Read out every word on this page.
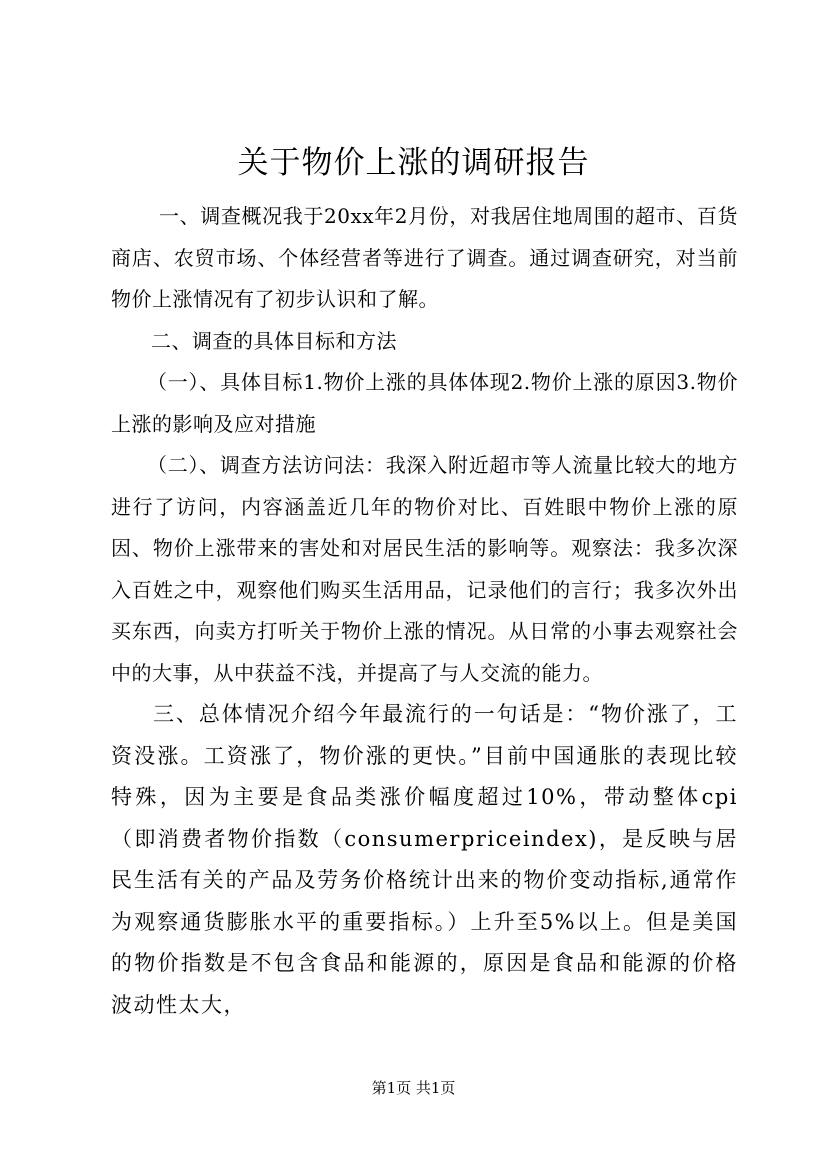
关于物价上涨的调研报告

一、调查概况我于20xx年2月份，对我居住地周围的超市、百货商店、农贸市场、个体经营者等进行了调查。通过调查研究，对当前物价上涨情况有了初步认识和了解。

二、调查的具体目标和方法

（一）、具体目标1.物价上涨的具体体现2.物价上涨的原因3.物价上涨的影响及应对措施

（二）、调查方法访问法：我深入附近超市等人流量比较大的地方进行了访问，内容涵盖近几年的物价对比、百姓眼中物价上涨的原因、物价上涨带来的害处和对居民生活的影响等。观察法：我多次深入百姓之中，观察他们购买生活用品，记录他们的言行；我多次外出买东西，向卖方打听关于物价上涨的情况。从日常的小事去观察社会中的大事，从中获益不浅，并提高了与人交流的能力。

三、总体情况介绍今年最流行的一句话是：“物价涨了，工资没涨。工资涨了，物价涨的更快。”目前中国通胀的表现比较特殊，因为主要是食品类涨价幅度超过10%，带动整体cpi（即消费者物价指数（consumerpriceindex)，是反映与居民生活有关的产品及劳务价格统计出来的物价变动指标,通常作为观察通货膨胀水平的重要指标。）上升至5%以上。但是美国的物价指数是不包含食品和能源的，原因是食品和能源的价格波动性太大，

第1页 共1页
